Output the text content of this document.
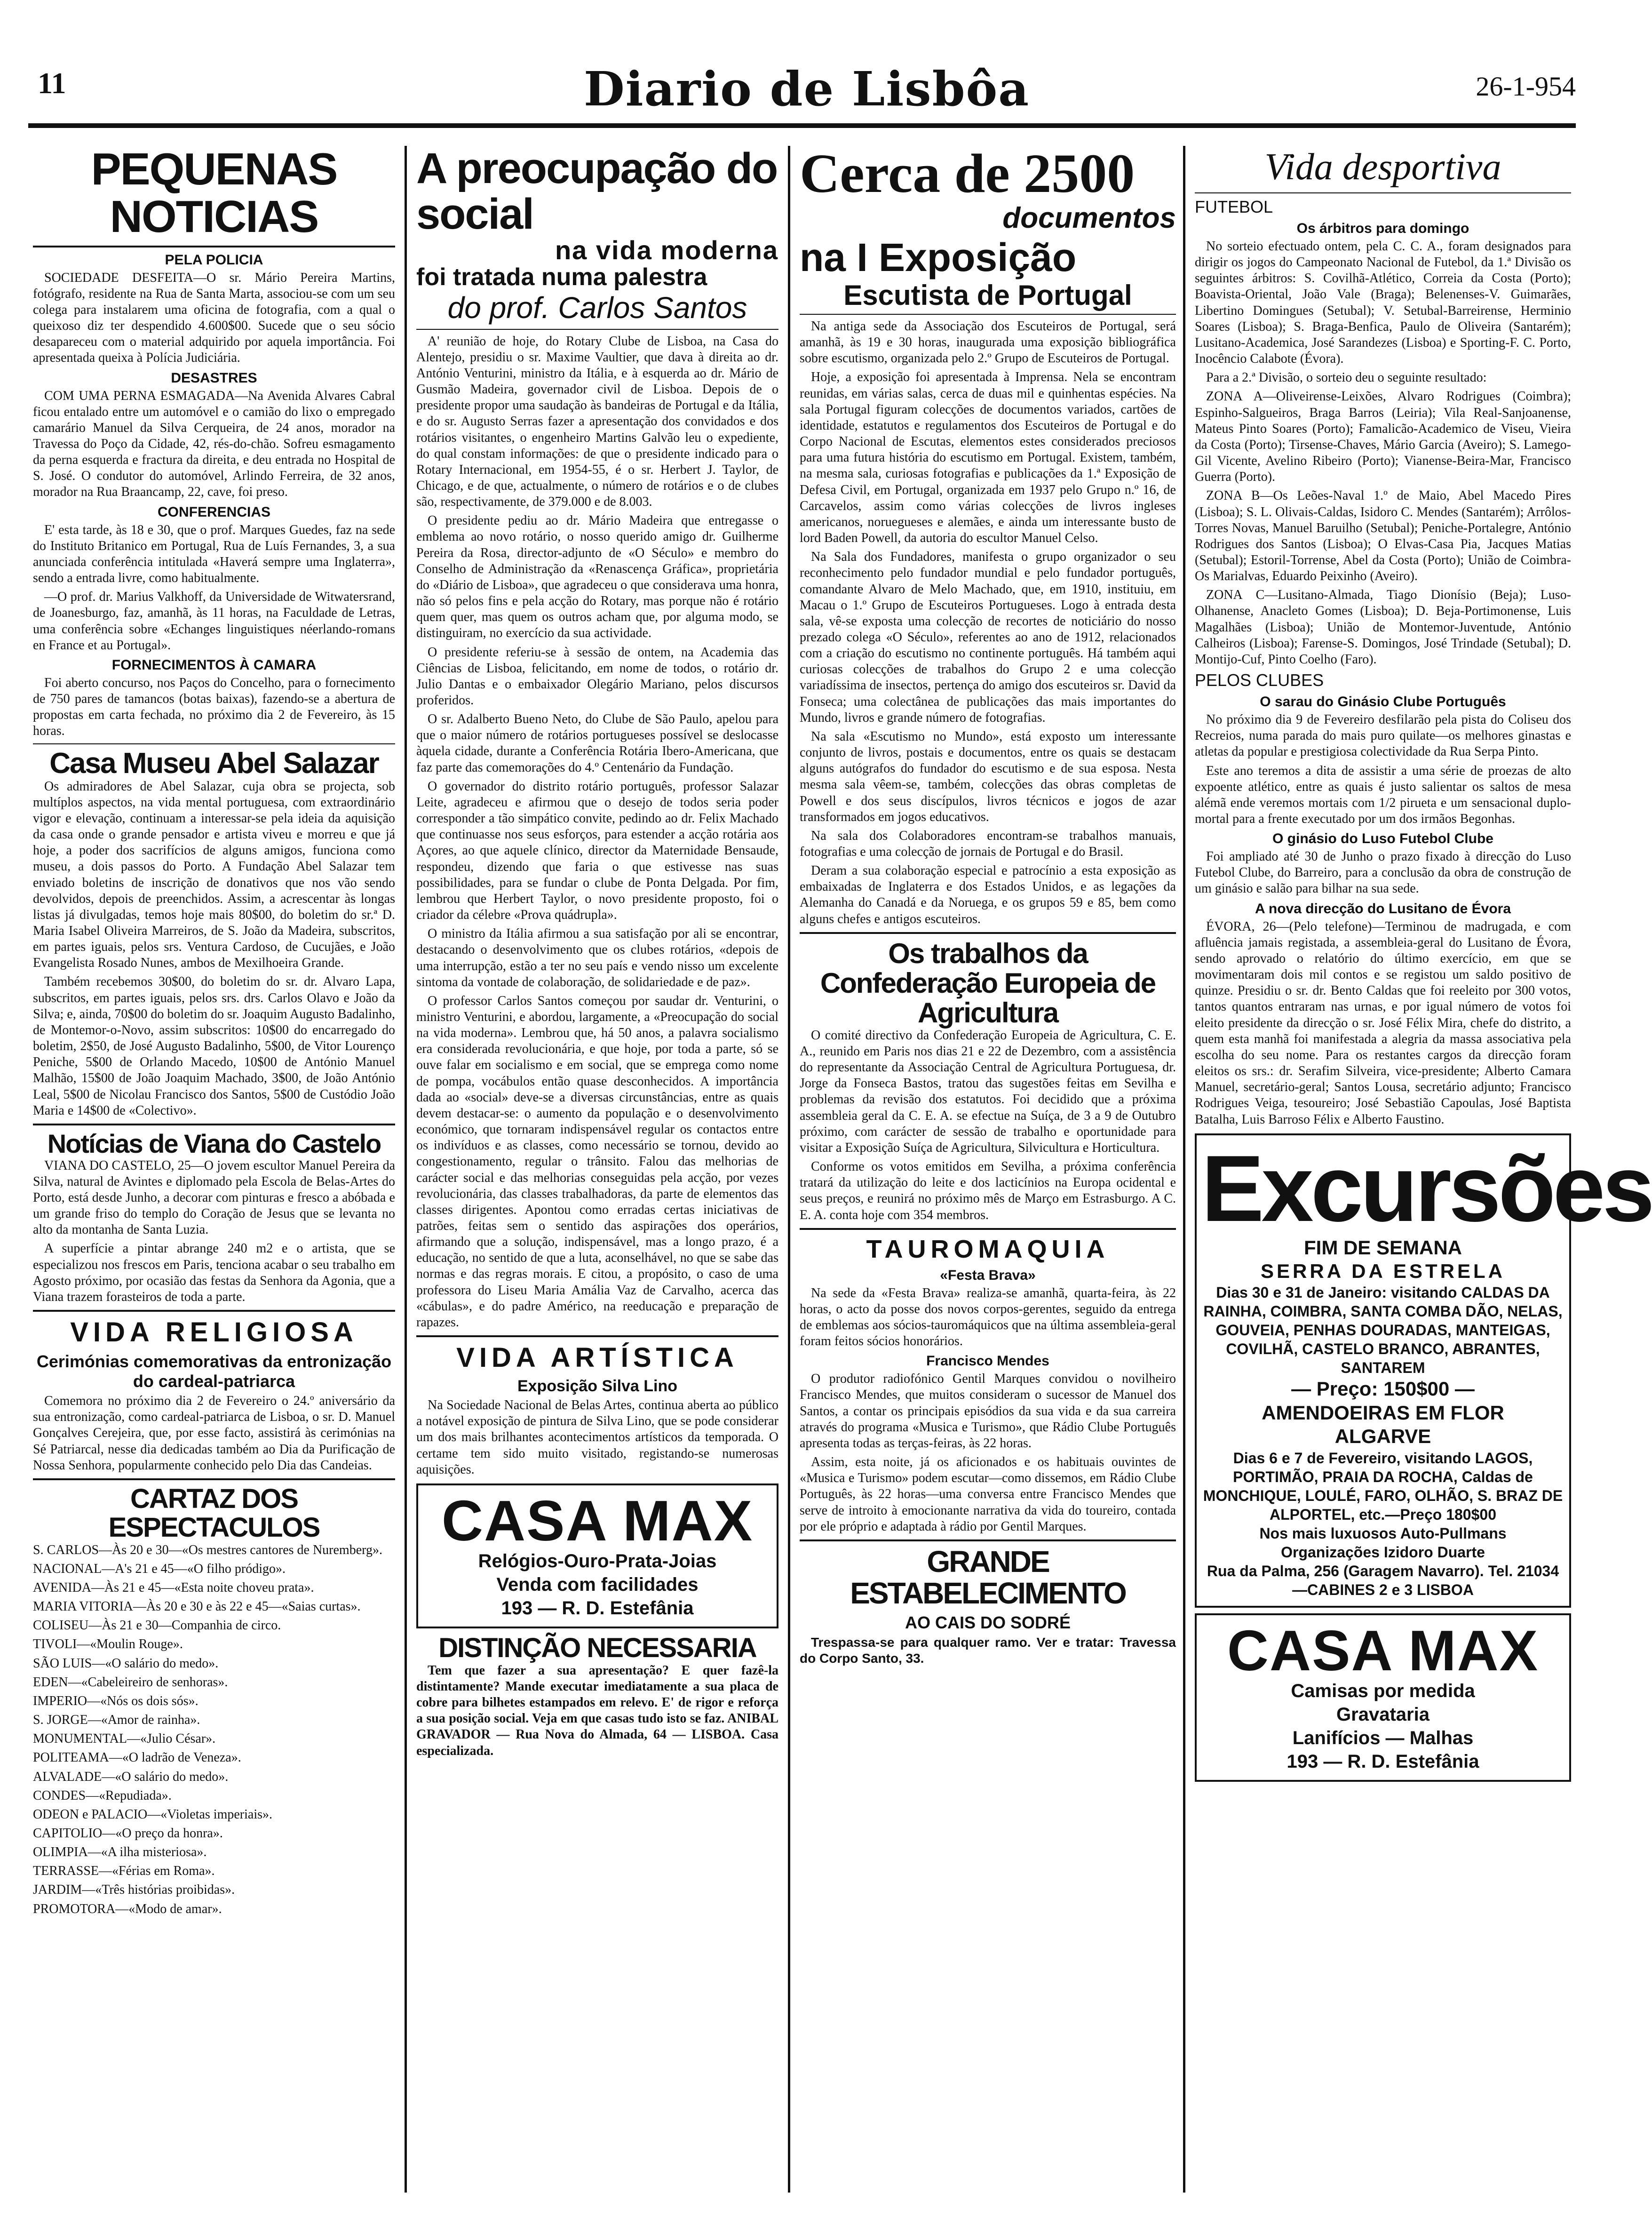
11	Diario de Lisbôa	26-1-954
PEQUENAS NOTICIAS
PELA POLICIA

SOCIEDADE DESFEITA—O sr. Mário Pereira Martins, fotógrafo, residente na Rua de Santa Marta, associou-se com um seu colega para instalarem uma oficina de fotografia, com a qual o queixoso diz ter despendido 4.600$00. Sucede que o seu sócio desapareceu com o material adquirido por aquela importância. Foi apresentada queixa à Polícia Judiciária.

DESASTRES

COM UMA PERNA ESMAGADA—Na Avenida Alvares Cabral ficou entalado entre um automóvel e o camião do lixo o empregado camarário Manuel da Silva Cerqueira, de 24 anos, morador na Travessa do Poço da Cidade, 42, rés-do-chão. Sofreu esmagamento da perna esquerda e fractura da direita, e deu entrada no Hospital de S. José. O condutor do automóvel, Arlindo Ferreira, de 32 anos, morador na Rua Braancamp, 22, cave, foi preso.

CONFERENCIAS

E' esta tarde, às 18 e 30, que o prof. Marques Guedes, faz na sede do Instituto Britanico em Portugal, Rua de Luís Fernandes, 3, a sua anunciada conferência intitulada «Haverá sempre uma Inglaterra», sendo a entrada livre, como habitualmente.

—O prof. dr. Marius Valkhoff, da Universidade de Witwatersrand, de Joanesburgo, faz, amanhã, às 11 horas, na Faculdade de Letras, uma conferência sobre «Echanges linguistiques néerlando-romans en France et au Portugal».

FORNECIMENTOS À CAMARA

Foi aberto concurso, nos Paços do Concelho, para o fornecimento de 750 pares de tamancos (botas baixas), fazendo-se a abertura de propostas em carta fechada, no próximo dia 2 de Fevereiro, às 15 horas.

Casa Museu Abel Salazar

Os admiradores de Abel Salazar, cuja obra se projecta, sob multíplos aspectos, na vida mental portuguesa, com extraordinário vigor e elevação, continuam a interessar-se pela ideia da aquisição da casa onde o grande pensador e artista viveu e morreu e que já hoje, a poder dos sacrifícios de alguns amigos, funciona como museu, a dois passos do Porto. A Fundação Abel Salazar tem enviado boletins de inscrição de donativos que nos vão sendo devolvidos, depois de preenchidos. Assim, a acrescentar às longas listas já divulgadas, temos hoje mais 80$00, do boletim do sr.ª D. Maria Isabel Oliveira Marreiros, de S. João da Madeira, subscritos, em partes iguais, pelos srs. Ventura Cardoso, de Cucujães, e João Evangelista Rosado Nunes, ambos de Mexilhoeira Grande.

Também recebemos 30$00, do boletim do sr. dr. Alvaro Lapa, subscritos, em partes iguais, pelos srs. drs. Carlos Olavo e João da Silva; e, ainda, 70$00 do boletim do sr. Joaquim Augusto Badalinho, de Montemor-o-Novo, assim subscritos: 10$00 do encarregado do boletim, 2$50, de José Augusto Badalinho, 5$00, de Vitor Lourenço Peniche, 5$00 de Orlando Macedo, 10$00 de António Manuel Malhão, 15$00 de João Joaquim Machado, 3$00, de João António Leal, 5$00 de Nicolau Francisco dos Santos, 5$00 de Custódio João Maria e 14$00 de «Colectivo».

Notícias de Viana do Castelo

VIANA DO CASTELO, 25—O jovem escultor Manuel Pereira da Silva, natural de Avintes e diplomado pela Escola de Belas-Artes do Porto, está desde Junho, a decorar com pinturas e fresco a abóbada e um grande friso do templo do Coração de Jesus que se levanta no alto da montanha de Santa Luzia.

A superfície a pintar abrange 240 m2 e o artista, que se especializou nos frescos em Paris, tenciona acabar o seu trabalho em Agosto próximo, por ocasião das festas da Senhora da Agonia, que a Viana trazem forasteiros de toda a parte.

VIDA RELIGIOSA
Cerimónias comemorativas da entronização do cardeal-patriarca

Comemora no próximo dia 2 de Fevereiro o 24.º aniversário da sua entronização, como cardeal-patriarca de Lisboa, o sr. D. Manuel Gonçalves Cerejeira, que, por esse facto, assistirá às cerimónias na Sé Patriarcal, nesse dia dedicadas também ao Dia da Purificação de Nossa Senhora, popularmente conhecido pelo Dia das Candeias.

CARTAZ DOS ESPECTACULOS
S. CARLOS—Às 20 e 30—«Os mestres cantores de Nuremberg».
NACIONAL—A's 21 e 45—«O filho pródigo».
AVENIDA—Às 21 e 45—«Esta noite choveu prata».
MARIA VITORIA—Às 20 e 30 e às 22 e 45—«Saias curtas».
COLISEU—Às 21 e 30—Companhia de circo.
TIVOLI—«Moulin Rouge».
SÃO LUIS—«O salário do medo».
EDEN—«Cabeleireiro de senhoras».
IMPERIO—«Nós os dois sós».
S. JORGE—«Amor de rainha».
MONUMENTAL—«Julio César».
POLITEAMA—«O ladrão de Veneza».
ALVALADE—«O salário do medo».
CONDES—«Repudiada».
ODEON e PALACIO—«Violetas imperiais».
CAPITOLIO—«O preço da honra».
OLIMPIA—«A ilha misteriosa».
TERRASSE—«Férias em Roma».
JARDIM—«Três histórias proibidas».
PROMOTORA—«Modo de amar».
A preocupação do social
na vida moderna
foi tratada numa palestra
do prof. Carlos Santos

A' reunião de hoje, do Rotary Clube de Lisboa, na Casa do Alentejo, presidiu o sr. Maxime Vaultier, que dava à direita ao dr. António Venturini, ministro da Itália, e à esquerda ao dr. Mário de Gusmão Madeira, governador civil de Lisboa. Depois de o presidente propor uma saudação às bandeiras de Portugal e da Itália, e do sr. Augusto Serras fazer a apresentação dos convidados e dos rotários visitantes, o engenheiro Martins Galvão leu o expediente, do qual constam informações: de que o presidente indicado para o Rotary Internacional, em 1954-55, é o sr. Herbert J. Taylor, de Chicago, e de que, actualmente, o número de rotários e o de clubes são, respectivamente, de 379.000 e de 8.003.

O presidente pediu ao dr. Mário Madeira que entregasse o emblema ao novo rotário, o nosso querido amigo dr. Guilherme Pereira da Rosa, director-adjunto de «O Século» e membro do Conselho de Administração da «Renascença Gráfica», proprietária do «Diário de Lisboa», que agradeceu o que considerava uma honra, não só pelos fins e pela acção do Rotary, mas porque não é rotário quem quer, mas quem os outros acham que, por alguma modo, se distinguiram, no exercício da sua actividade.

O presidente referiu-se à sessão de ontem, na Academia das Ciências de Lisboa, felicitando, em nome de todos, o rotário dr. Julio Dantas e o embaixador Olegário Mariano, pelos discursos proferidos.

O sr. Adalberto Bueno Neto, do Clube de São Paulo, apelou para que o maior número de rotários portugueses possível se deslocasse àquela cidade, durante a Conferência Rotária Ibero-Americana, que faz parte das comemorações do 4.º Centenário da Fundação.

O governador do distrito rotário português, professor Salazar Leite, agradeceu e afirmou que o desejo de todos seria poder corresponder a tão simpático convite, pedindo ao dr. Felix Machado que continuasse nos seus esforços, para estender a acção rotária aos Açores, ao que aquele clínico, director da Maternidade Bensaude, respondeu, dizendo que faria o que estivesse nas suas possibilidades, para se fundar o clube de Ponta Delgada. Por fim, lembrou que Herbert Taylor, o novo presidente proposto, foi o criador da célebre «Prova quádrupla».

O ministro da Itália afirmou a sua satisfação por ali se encontrar, destacando o desenvolvimento que os clubes rotários, «depois de uma interrupção, estão a ter no seu país e vendo nisso um excelente sintoma da vontade de colaboração, de solidariedade e de paz».

O professor Carlos Santos começou por saudar dr. Venturini, o ministro Venturini, e abordou, largamente, a «Preocupação do social na vida moderna». Lembrou que, há 50 anos, a palavra socialismo era considerada revolucionária, e que hoje, por toda a parte, só se ouve falar em socialismo e em social, que se emprega como nome de pompa, vocábulos então quase desconhecidos. A importância dada ao «social» deve-se a diversas circunstâncias, entre as quais devem destacar-se: o aumento da população e o desenvolvimento económico, que tornaram indispensável regular os contactos entre os indivíduos e as classes, como necessário se tornou, devido ao congestionamento, regular o trânsito. Falou das melhorias de carácter social e das melhorias conseguidas pela acção, por vezes revolucionária, das classes trabalhadoras, da parte de elementos das classes dirigentes. Apontou como erradas certas iniciativas de patrões, feitas sem o sentido das aspirações dos operários, afirmando que a solução, indispensável, mas a longo prazo, é a educação, no sentido de que a luta, aconselhável, no que se sabe das normas e das regras morais. E citou, a propósito, o caso de uma professora do Liseu Maria Amália Vaz de Carvalho, acerca das «cábulas», e do padre Américo, na reeducação e preparação de rapazes.

VIDA ARTÍSTICA
Exposição Silva Lino

Na Sociedade Nacional de Belas Artes, continua aberta ao público a notável exposição de pintura de Silva Lino, que se pode considerar um dos mais brilhantes acontecimentos artísticos da temporada. O certame tem sido muito visitado, registando-se numerosas aquisições.

CASA MAX
Relógios-Ouro-Prata-Joias
Venda com facilidades
193 — R. D. Estefânia
DISTINÇÃO NECESSARIA

Tem que fazer a sua apresentação? E quer fazê-la distintamente? Mande executar imediatamente a sua placa de cobre para bilhetes estampados em relevo. E' de rigor e reforça a sua posição social. Veja em que casas tudo isto se faz. ANIBAL GRAVADOR — Rua Nova do Almada, 64 — LISBOA. Casa especializada.

Cerca de 2500
documentos
na I Exposição
Escutista de Portugal

Na antiga sede da Associação dos Escuteiros de Portugal, será amanhã, às 19 e 30 horas, inaugurada uma exposição bibliográfica sobre escutismo, organizada pelo 2.º Grupo de Escuteiros de Portugal.

Hoje, a exposição foi apresentada à Imprensa. Nela se encontram reunidas, em várias salas, cerca de duas mil e quinhentas espécies. Na sala Portugal figuram colecções de documentos variados, cartões de identidade, estatutos e regulamentos dos Escuteiros de Portugal e do Corpo Nacional de Escutas, elementos estes considerados preciosos para uma futura história do escutismo em Portugal. Existem, também, na mesma sala, curiosas fotografias e publicações da 1.ª Exposição de Defesa Civil, em Portugal, organizada em 1937 pelo Grupo n.º 16, de Carcavelos, assim como várias colecções de livros ingleses americanos, noruegueses e alemães, e ainda um interessante busto de lord Baden Powell, da autoria do escultor Manuel Celso.

Na Sala dos Fundadores, manifesta o grupo organizador o seu reconhecimento pelo fundador mundial e pelo fundador português, comandante Alvaro de Melo Machado, que, em 1910, instituiu, em Macau o 1.º Grupo de Escuteiros Portugueses. Logo à entrada desta sala, vê-se exposta uma colecção de recortes de noticiário do nosso prezado colega «O Século», referentes ao ano de 1912, relacionados com a criação do escutismo no continente português. Há também aqui curiosas colecções de trabalhos do Grupo 2 e uma colecção variadíssima de insectos, pertença do amigo dos escuteiros sr. David da Fonseca; uma colectânea de publicações das mais importantes do Mundo, livros e grande número de fotografias.

Na sala «Escutismo no Mundo», está exposto um interessante conjunto de livros, postais e documentos, entre os quais se destacam alguns autógrafos do fundador do escutismo e de sua esposa. Nesta mesma sala vêem-se, também, colecções das obras completas de Powell e dos seus discípulos, livros técnicos e jogos de azar transformados em jogos educativos.

Na sala dos Colaboradores encontram-se trabalhos manuais, fotografias e uma colecção de jornais de Portugal e do Brasil.

Deram a sua colaboração especial e patrocínio a esta exposição as embaixadas de Inglaterra e dos Estados Unidos, e as legações da Alemanha do Canadá e da Noruega, e os grupos 59 e 85, bem como alguns chefes e antigos escuteiros.

Os trabalhos da Confederação Europeia de Agricultura

O comité directivo da Confederação Europeia de Agricultura, C. E. A., reunido em Paris nos dias 21 e 22 de Dezembro, com a assistência do representante da Associação Central de Agricultura Portuguesa, dr. Jorge da Fonseca Bastos, tratou das sugestões feitas em Sevilha e problemas da revisão dos estatutos. Foi decidido que a próxima assembleia geral da C. E. A. se efectue na Suíça, de 3 a 9 de Outubro próximo, com carácter de sessão de trabalho e oportunidade para visitar a Exposição Suíça de Agricultura, Silvicultura e Horticultura.

Conforme os votos emitidos em Sevilha, a próxima conferência tratará da utilização do leite e dos lacticínios na Europa ocidental e seus preços, e reunirá no próximo mês de Março em Estrasburgo. A C. E. A. conta hoje com 354 membros.

TAUROMAQUIA
«Festa Brava»

Na sede da «Festa Brava» realiza-se amanhã, quarta-feira, às 22 horas, o acto da posse dos novos corpos-gerentes, seguido da entrega de emblemas aos sócios-tauromáquicos que na última assembleia-geral foram feitos sócios honorários.

Francisco Mendes

O produtor radiofónico Gentil Marques convidou o novilheiro Francisco Mendes, que muitos consideram o sucessor de Manuel dos Santos, a contar os principais episódios da sua vida e da sua carreira através do programa «Musica e Turismo», que Rádio Clube Português apresenta todas as terças-feiras, às 22 horas.

Assim, esta noite, já os aficionados e os habituais ouvintes de «Musica e Turismo» podem escutar—como dissemos, em Rádio Clube Português, às 22 horas—uma conversa entre Francisco Mendes que serve de introito à emocionante narrativa da vida do toureiro, contada por ele próprio e adaptada à rádio por Gentil Marques.

GRANDE ESTABELECIMENTO
AO CAIS DO SODRÉ

Trespassa-se para qualquer ramo. Ver e tratar: Travessa do Corpo Santo, 33.

Vida desportiva
FUTEBOL
Os árbitros para domingo

No sorteio efectuado ontem, pela C. C. A., foram designados para dirigir os jogos do Campeonato Nacional de Futebol, da 1.ª Divisão os seguintes árbitros: S. Covilhã-Atlético, Correia da Costa (Porto); Boavista-Oriental, João Vale (Braga); Belenenses-V. Guimarães, Libertino Domingues (Setubal); V. Setubal-Barreirense, Herminio Soares (Lisboa); S. Braga-Benfica, Paulo de Oliveira (Santarém); Lusitano-Academica, José Sarandezes (Lisboa) e Sporting-F. C. Porto, Inocêncio Calabote (Évora).

Para a 2.ª Divisão, o sorteio deu o seguinte resultado:

ZONA A—Oliveirense-Leixões, Alvaro Rodrigues (Coimbra); Espinho-Salgueiros, Braga Barros (Leiria); Vila Real-Sanjoanense, Mateus Pinto Soares (Porto); Famalicão-Academico de Viseu, Vieira da Costa (Porto); Tirsense-Chaves, Mário Garcia (Aveiro); S. Lamego-Gil Vicente, Avelino Ribeiro (Porto); Vianense-Beira-Mar, Francisco Guerra (Porto).

ZONA B—Os Leões-Naval 1.º de Maio, Abel Macedo Pires (Lisboa); S. L. Olivais-Caldas, Isidoro C. Mendes (Santarém); Arrôlos-Torres Novas, Manuel Baruilho (Setubal); Peniche-Portalegre, António Rodrigues dos Santos (Lisboa); O Elvas-Casa Pia, Jacques Matias (Setubal); Estoril-Torrense, Abel da Costa (Porto); União de Coimbra-Os Marialvas, Eduardo Peixinho (Aveiro).

ZONA C—Lusitano-Almada, Tiago Dionísio (Beja); Luso-Olhanense, Anacleto Gomes (Lisboa); D. Beja-Portimonense, Luis Magalhães (Lisboa); União de Montemor-Juventude, António Calheiros (Lisboa); Farense-S. Domingos, José Trindade (Setubal); D. Montijo-Cuf, Pinto Coelho (Faro).

PELOS CLUBES
O sarau do Ginásio Clube Português

No próximo dia 9 de Fevereiro desfilarão pela pista do Coliseu dos Recreios, numa parada do mais puro quilate—os melhores ginastas e atletas da popular e prestigiosa colectividade da Rua Serpa Pinto.

Este ano teremos a dita de assistir a uma série de proezas de alto expoente atlético, entre as quais é justo salientar os saltos de mesa alémã ende veremos mortais com 1/2 pirueta e um sensacional duplo-mortal para a frente executado por um dos irmãos Begonhas.

O ginásio do Luso Futebol Clube

Foi ampliado até 30 de Junho o prazo fixado à direcção do Luso Futebol Clube, do Barreiro, para a conclusão da obra de construção de um ginásio e salão para bilhar na sua sede.

A nova direcção do Lusitano de Évora

ÉVORA, 26—(Pelo telefone)—Terminou de madrugada, e com afluência jamais registada, a assembleia-geral do Lusitano de Évora, sendo aprovado o relatório do último exercício, em que se movimentaram dois mil contos e se registou um saldo positivo de quinze. Presidiu o sr. dr. Bento Caldas que foi reeleito por 300 votos, tantos quantos entraram nas urnas, e por igual número de votos foi eleito presidente da direcção o sr. José Félix Mira, chefe do distrito, a quem esta manhã foi manifestada a alegria da massa associativa pela escolha do seu nome. Para os restantes cargos da direcção foram eleitos os srs.: dr. Serafim Silveira, vice-presidente; Alberto Camara Manuel, secretário-geral; Santos Lousa, secretário adjunto; Francisco Rodrigues Veiga, tesoureiro; José Sebastião Capoulas, José Baptista Batalha, Luis Barroso Félix e Alberto Faustino.

Excursões
FIM DE SEMANA
SERRA DA ESTRELA
Dias 30 e 31 de Janeiro: visitando CALDAS DA RAINHA, COIMBRA, SANTA COMBA DÃO, NELAS, GOUVEIA, PENHAS DOURADAS, MANTEIGAS, COVILHÃ, CASTELO BRANCO, ABRANTES, SANTAREM
— Preço: 150$00 —
AMENDOEIRAS EM FLOR
ALGARVE
Dias 6 e 7 de Fevereiro, visitando LAGOS, PORTIMÃO, PRAIA DA ROCHA, Caldas de MONCHIQUE, LOULÉ, FARO, OLHÃO, S. BRAZ DE ALPORTEL, etc.—Preço 180$00
Nos mais luxuosos Auto-Pullmans
Organizações Izidoro Duarte
Rua da Palma, 256 (Garagem Navarro). Tel. 21034—CABINES 2 e 3 LISBOA
CASA MAX
Camisas por medida
Gravataria
Lanifícios — Malhas
193 — R. D. Estefânia
